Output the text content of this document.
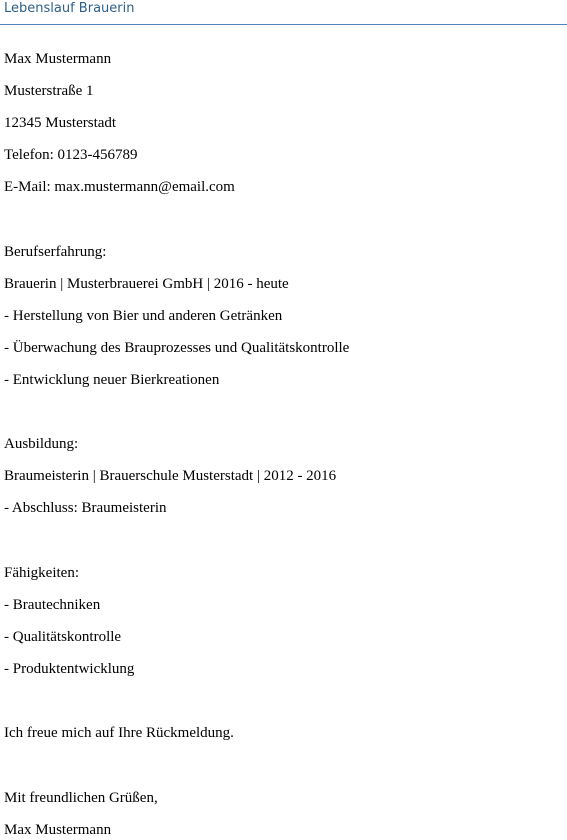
Lebenslauf Brauerin
Max Mustermann
Musterstraße 1
12345 Musterstadt
Telefon: 0123-456789
E-Mail: max.mustermann@email.com
Berufserfahrung:
Brauerin | Musterbrauerei GmbH | 2016 - heute
- Herstellung von Bier und anderen Getränken
- Überwachung des Brauprozesses und Qualitätskontrolle
- Entwicklung neuer Bierkreationen
Ausbildung:
Braumeisterin | Brauerschule Musterstadt | 2012 - 2016
- Abschluss: Braumeisterin
Fähigkeiten:
- Brautechniken
- Qualitätskontrolle
- Produktentwicklung
Ich freue mich auf Ihre Rückmeldung.
Mit freundlichen Grüßen,
Max Mustermann
